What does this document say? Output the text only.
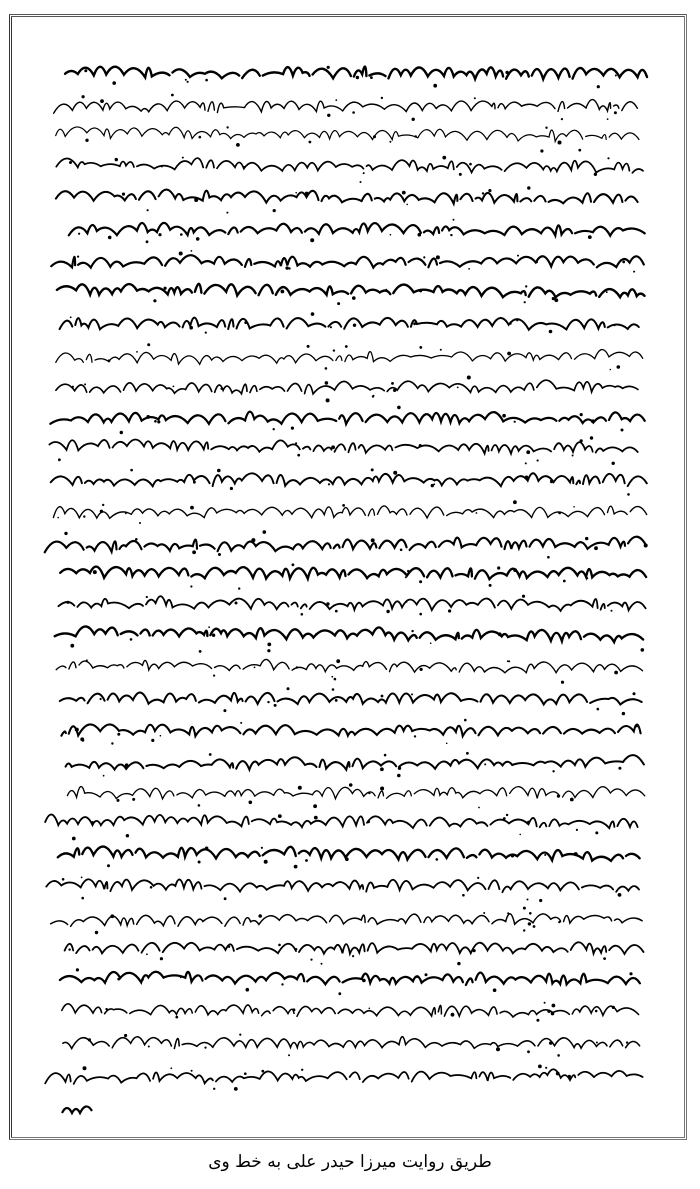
طریق روایت میرزا حیدر علی به خط وی
